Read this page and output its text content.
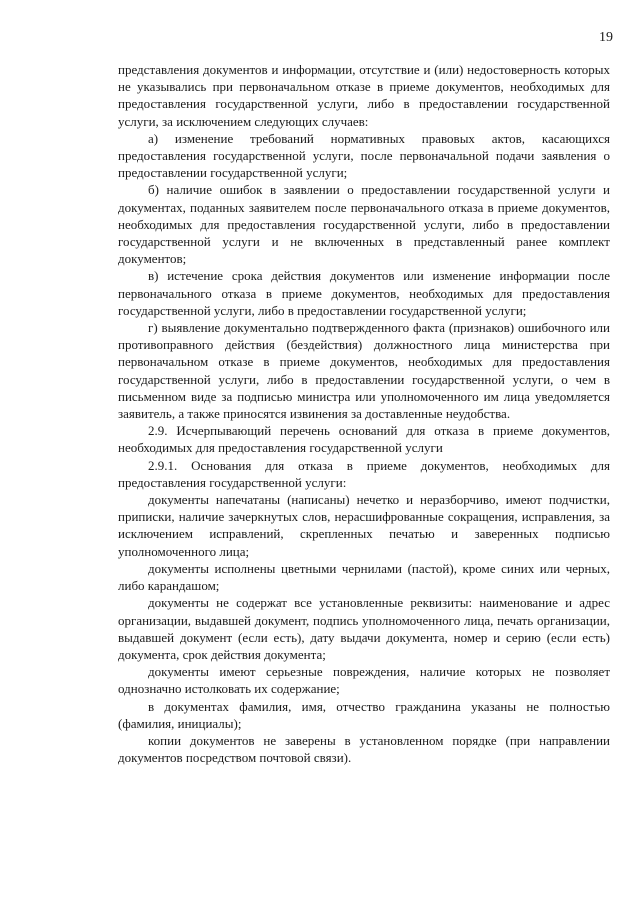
19

представления документов и информации, отсутствие и (или) недостоверность которых не указывались при первоначальном отказе в приеме документов, необходимых для предоставления государственной услуги, либо в предоставлении государственной услуги, за исключением следующих случаев:

а) изменение требований нормативных правовых актов, касающихся предоставления государственной услуги, после первоначальной подачи заявления о предоставлении государственной услуги;

б) наличие ошибок в заявлении о предоставлении государственной услуги и документах, поданных заявителем после первоначального отказа в приеме документов, необходимых для предоставления государственной услуги, либо в предоставлении государственной услуги и не включенных в представленный ранее комплект документов;

в) истечение срока действия документов или изменение информации после первоначального отказа в приеме документов, необходимых для предоставления государственной услуги, либо в предоставлении государственной услуги;

г) выявление документально подтвержденного факта (признаков) ошибочного или противоправного действия (бездействия) должностного лица министерства при первоначальном отказе в приеме документов, необходимых для предоставления государственной услуги, либо в предоставлении государственной услуги, о чем в письменном виде за подписью министра или уполномоченного им лица уведомляется заявитель, а также приносятся извинения за доставленные неудобства.

2.9. Исчерпывающий перечень оснований для отказа в приеме документов, необходимых для предоставления государственной услуги

2.9.1. Основания для отказа в приеме документов, необходимых для предоставления государственной услуги:

документы напечатаны (написаны) нечетко и неразборчиво, имеют подчистки, приписки, наличие зачеркнутых слов, нерасшифрованные сокращения, исправления, за исключением исправлений, скрепленных печатью и заверенных подписью уполномоченного лица;

документы исполнены цветными чернилами (пастой), кроме синих или черных, либо карандашом;

документы не содержат все установленные реквизиты: наименование и адрес организации, выдавшей документ, подпись уполномоченного лица, печать организации, выдавшей документ (если есть), дату выдачи документа, номер и серию (если есть) документа, срок действия документа;

документы имеют серьезные повреждения, наличие которых не позволяет однозначно истолковать их содержание;

в документах фамилия, имя, отчество гражданина указаны не полностью (фамилия, инициалы);

копии документов не заверены в установленном порядке (при направлении документов посредством почтовой связи).
